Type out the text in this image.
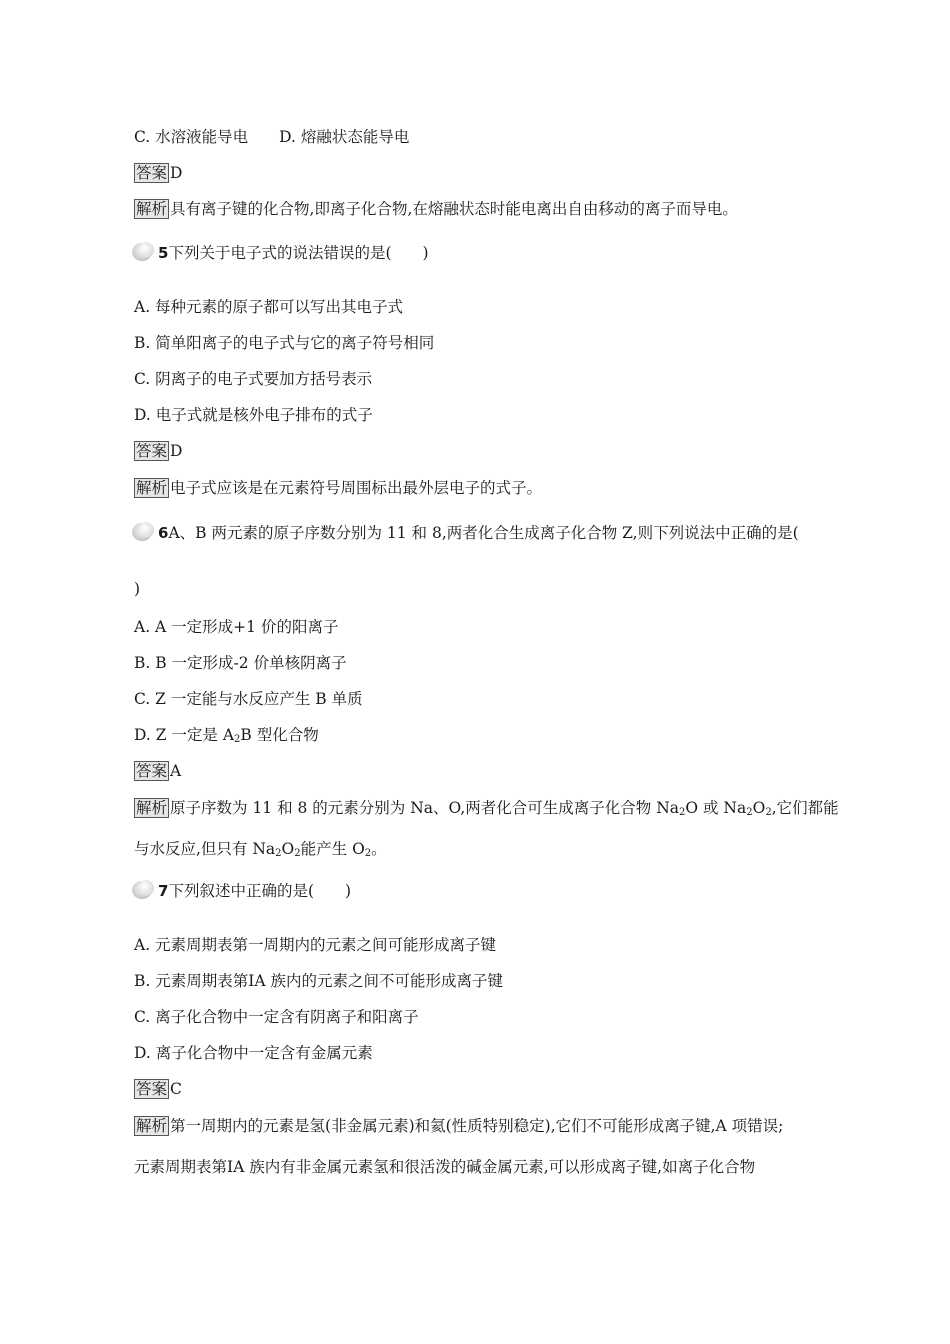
C. 水溶液能导电　　D. 熔融状态能导电
答案 D
解析 具有离子键的化合物,即离子化合物,在熔融状态时能电离出自由移动的离子而导电。
5下列关于电子式的说法错误的是(　　)
A. 每种元素的原子都可以写出其电子式
B. 简单阳离子的电子式与它的离子符号相同
C. 阴离子的电子式要加方括号表示
D. 电子式就是核外电子排布的式子
答案 D
解析 电子式应该是在元素符号周围标出最外层电子的式子。
6A、B 两元素的原子序数分别为 11 和 8,两者化合生成离子化合物 Z,则下列说法中正确的是(
)
A. A 一定形成+1 价的阳离子
B. B 一定形成-2 价单核阴离子
C. Z 一定能与水反应产生 B 单质
D. Z 一定是 $A_2B$ 型化合物
答案 A
解析 原子序数为 11 和 8 的元素分别为 Na、O,两者化合可生成离子化合物 $Na_2O$ 或 $Na_2O_2$,它们都能
与水反应,但只有 $Na_2O_2$能产生 $O_2$。
7下列叙述中正确的是(　　)
A. 元素周期表第一周期内的元素之间可能形成离子键
B. 元素周期表第ⅠA 族内的元素之间不可能形成离子键
C. 离子化合物中一定含有阴离子和阳离子
D. 离子化合物中一定含有金属元素
答案 C
解析 第一周期内的元素是氢(非金属元素)和氦(性质特别稳定),它们不可能形成离子键,A 项错误;
元素周期表第ⅠA 族内有非金属元素氢和很活泼的碱金属元素,可以形成离子键,如离子化合物
